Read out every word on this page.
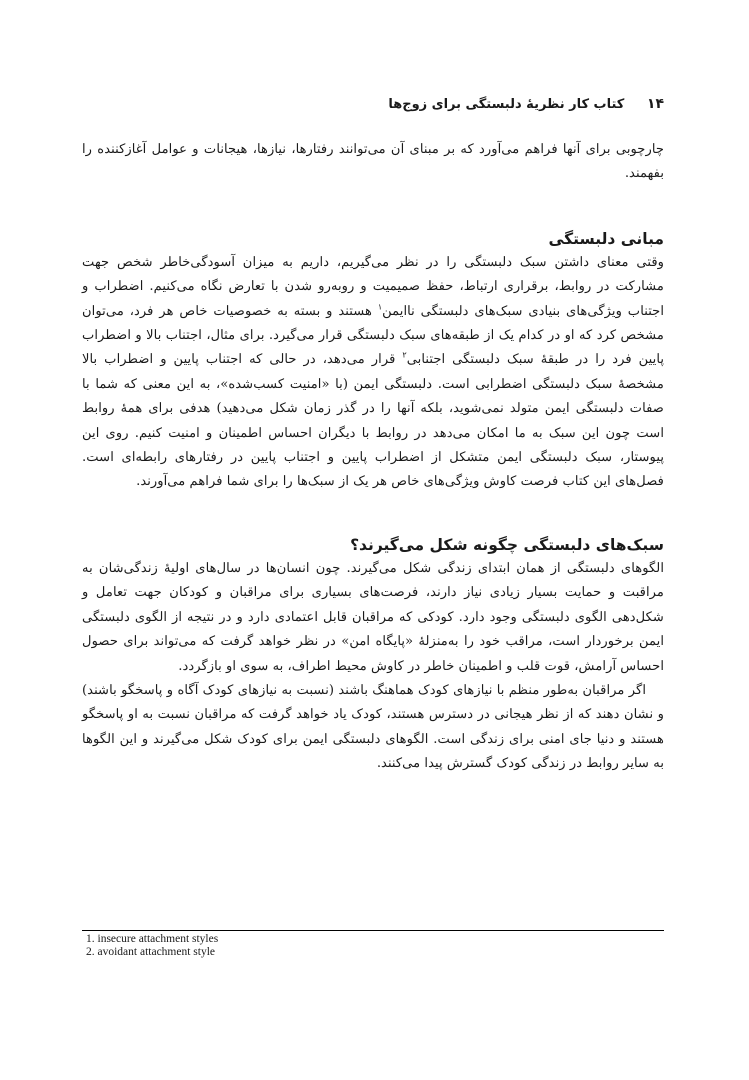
١۴ کتاب کار نظریهٔ دلبستگی برای زوج‌ها

چارچوبی برای آنها فراهم می‌آورد که بر مبنای آن می‌توانند رفتارها، نیازها، هیجانات و عوامل آغازکننده را بفهمند.

مبانی دلبستگی

وقتی معنای داشتن سبک دلبستگی را در نظر می‌گیریم، داریم به میزان آسودگی‌خاطر شخص جهت مشارکت در روابط، برقراری ارتباط، حفظ صمیمیت و روبه‌رو شدن با تعارض نگاه می‌کنیم. اضطراب و اجتناب ویژگی‌های بنیادی سبک‌های دلبستگی ناایمن$^۱$ هستند و بسته به خصوصیات خاص هر فرد، می‌توان مشخص کرد که او در کدام یک از طبقه‌های سبک دلبستگی قرار می‌گیرد. برای مثال، اجتناب بالا و اضطراب پایین فرد را در طبقهٔ سبک دلبستگی اجتنابی$^۲$ قرار می‌دهد، در حالی که اجتناب پایین و اضطراب بالا مشخصهٔ سبک دلبستگی اضطرابی است. دلبستگی ایمن (با «امنیت کسب‌شده»، به این معنی که شما با صفات دلبستگی ایمن متولد نمی‌شوید، بلکه آنها را در گذر زمان شکل می‌دهید) هدفی برای همهٔ روابط است چون این سبک به ما امکان می‌دهد در روابط با دیگران احساس اطمینان و امنیت کنیم. روی این پیوستار، سبک دلبستگی ایمن متشکل از اضطراب پایین و اجتناب پایین در رفتارهای رابطه‌ای است. فصل‌های این کتاب فرصت کاوش ویژگی‌های خاص هر یک از سبک‌ها را برای شما فراهم می‌آورند.

سبک‌های دلبستگی چگونه شکل می‌گیرند؟

الگوهای دلبستگی از همان ابتدای زندگی شکل می‌گیرند. چون انسان‌ها در سال‌های اولیهٔ زندگی‌شان به مراقبت و حمایت بسیار زیادی نیاز دارند، فرصت‌های بسیاری برای مراقبان و کودکان جهت تعامل و شکل‌دهی الگوی دلبستگی وجود دارد. کودکی که مراقبان قابل اعتمادی دارد و در نتیجه از الگوی دلبستگی ایمن برخوردار است، مراقب خود را به‌منزلهٔ «پایگاه امن» در نظر خواهد گرفت که می‌تواند برای حصول احساس آرامش، قوت قلب و اطمینان خاطر در کاوش محیط اطراف، به سوی او بازگردد.

اگر مراقبان به‌طور منظم با نیازهای کودک هماهنگ باشند (نسبت به نیازهای کودک آگاه و پاسخگو باشند) و نشان دهند که از نظر هیجانی در دسترس هستند، کودک یاد خواهد گرفت که مراقبان نسبت به او پاسخگو هستند و دنیا جای امنی برای زندگی است. الگوهای دلبستگی ایمن برای کودک شکل می‌گیرند و این الگوها به سایر روابط در زندگی کودک گسترش پیدا می‌کنند.

1. insecure attachment styles
2. avoidant attachment style
